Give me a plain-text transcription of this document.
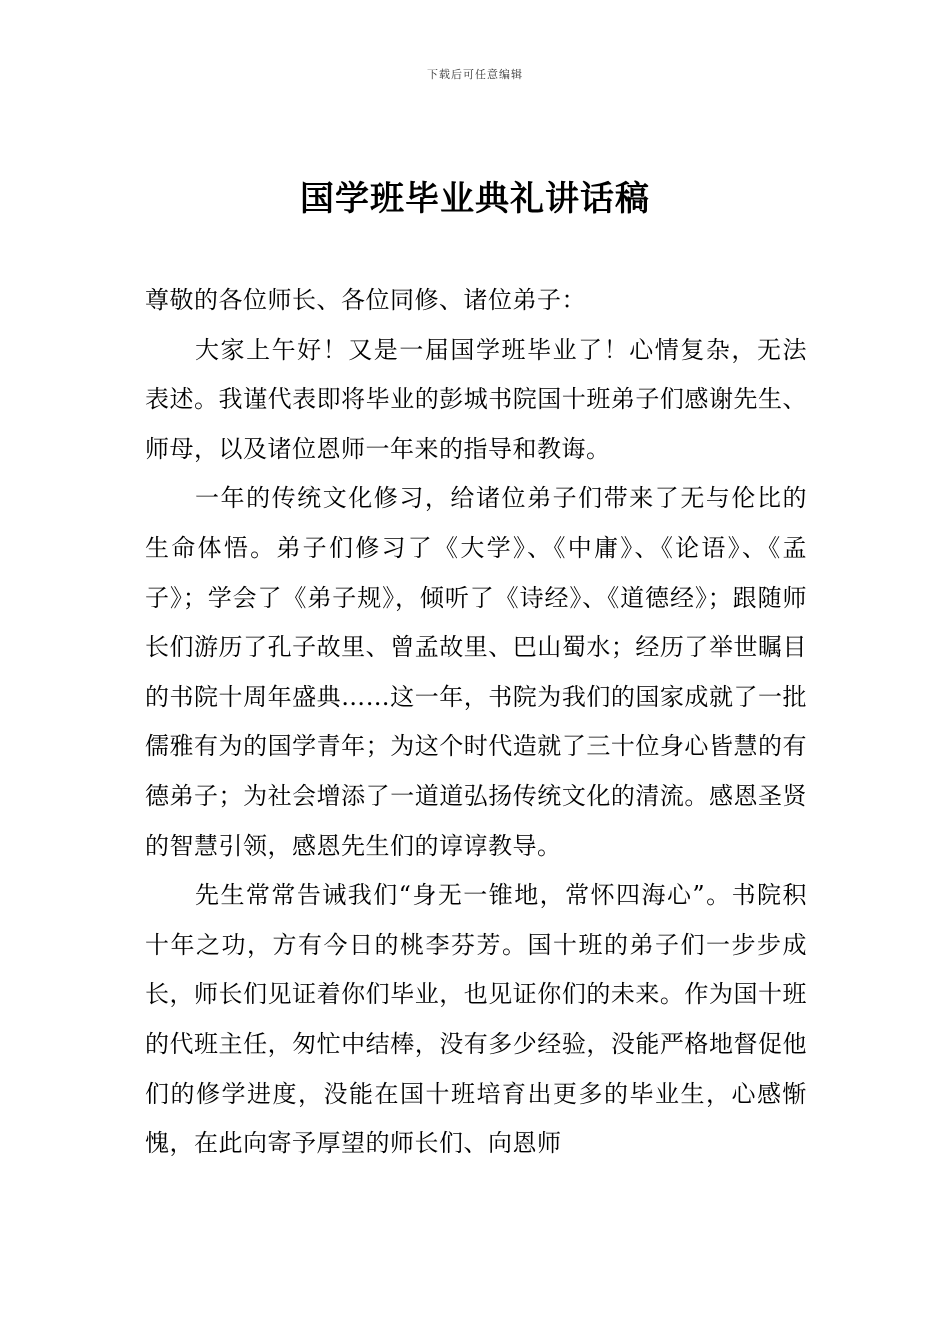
下载后可任意编辑
国学班毕业典礼讲话稿

尊敬的各位师长、各位同修、诸位弟子：

大家上午好！又是一届国学班毕业了！心情复杂，无法表述。我谨代表即将毕业的彭城书院国十班弟子们感谢先生、师母，以及诸位恩师一年来的指导和教诲。

一年的传统文化修习，给诸位弟子们带来了无与伦比的生命体悟。弟子们修习了《大学》、《中庸》、《论语》、《孟子》；学会了《弟子规》，倾听了《诗经》、《道德经》；跟随师长们游历了孔子故里、曾孟故里、巴山蜀水；经历了举世瞩目的书院十周年盛典……这一年，书院为我们的国家成就了一批儒雅有为的国学青年；为这个时代造就了三十位身心皆慧的有德弟子；为社会增添了一道道弘扬传统文化的清流。感恩圣贤的智慧引领，感恩先生们的谆谆教导。

先生常常告诫我们“身无一锥地，常怀四海心”。书院积十年之功，方有今日的桃李芬芳。国十班的弟子们一步步成长，师长们见证着你们毕业，也见证你们的未来。作为国十班的代班主任，匆忙中结棒，没有多少经验，没能严格地督促他们的修学进度，没能在国十班培育出更多的毕业生，心感惭愧，在此向寄予厚望的师长们、向恩师
